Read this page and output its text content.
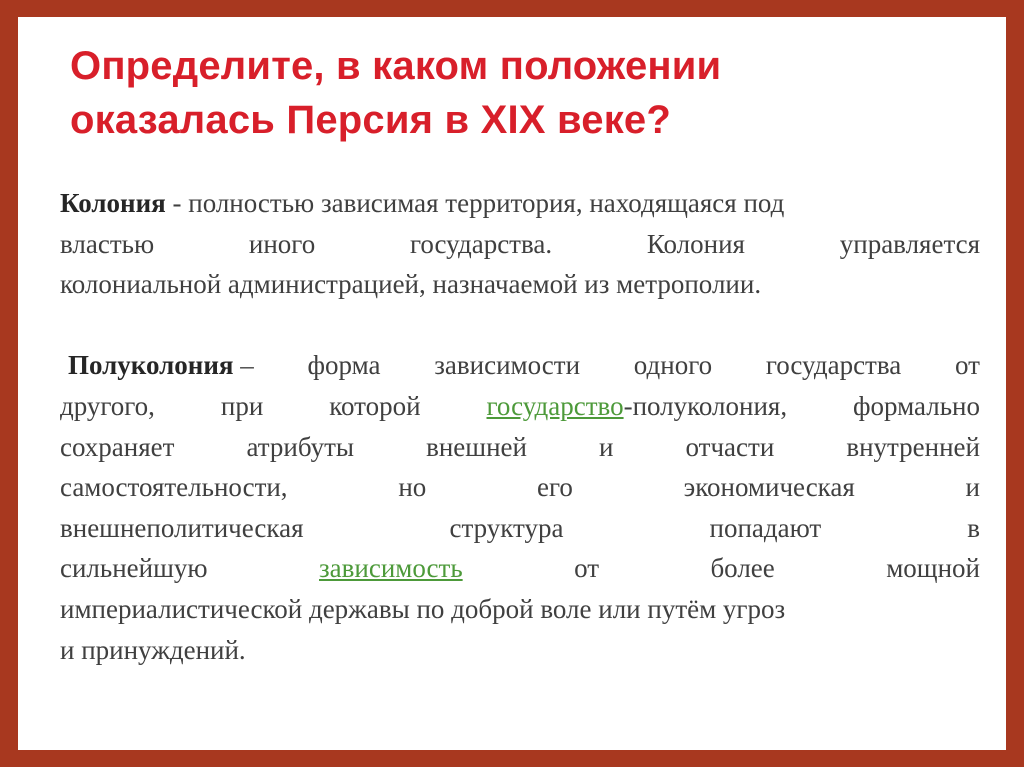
Определите, в каком положении
оказалась Персия в XIX веке?
Колония - полностью зависимая территория, находящаяся под
властью	иного	государства.	Колония	управляется
колониальной администрацией, назначаемой из метрополии.
Полуколония – форма зависимости одного государства от
другого, при которой государство-полуколония, формально
сохраняет	атрибуты	внешней	и	отчасти	внутренней
самостоятельности,	но	его	экономическая	и
внешнеполитическая	структура	попадают	в
сильнейшую	зависимость	от	более	мощной
империалистической державы по доброй воле или путём угроз
и принуждений.
